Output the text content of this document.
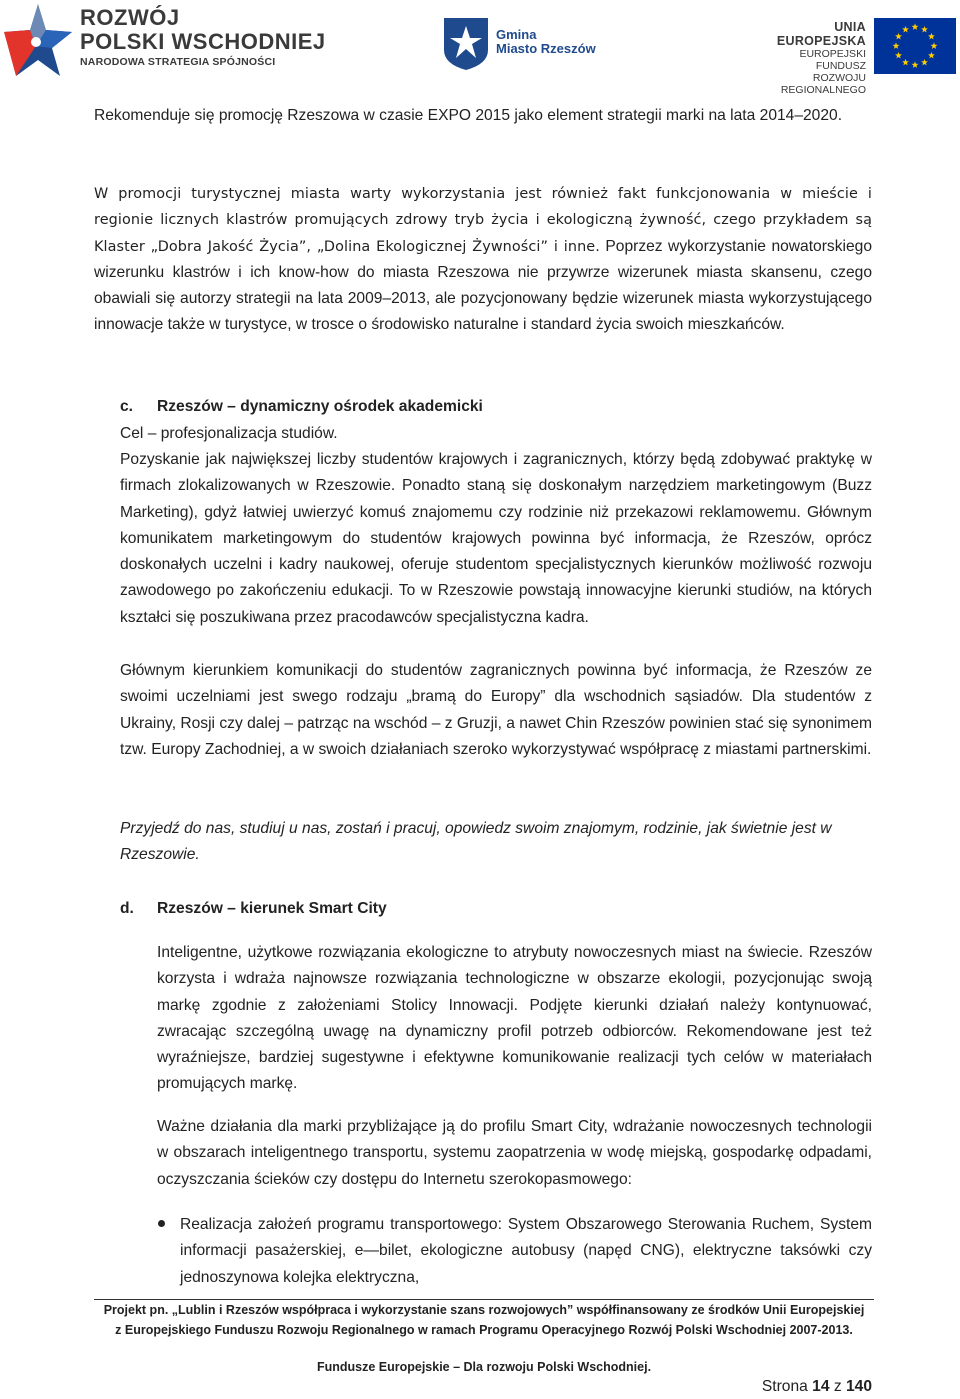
ROZWÓJ
POLSKI WSCHODNIEJ
NARODOWA STRATEGIA SPÓJNOŚCI
Gmina
Miasto Rzeszów
UNIA EUROPEJSKA
EUROPEJSKI FUNDUSZ
ROZWOJU REGIONALNEGO
Rekomenduje się promocję Rzeszowa w czasie EXPO 2015 jako element strategii marki na lata 2014–2020.
W promocji turystycznej miasta warty wykorzystania jest również fakt funkcjonowania w mieście i regionie licznych klastrów promujących zdrowy tryb życia i ekologiczną żywność, czego przykładem są Klaster „Dobra Jakość Życia”, „Dolina Ekologicznej Żywności” i inne. Poprzez wykorzystanie nowatorskiego wizerunku klastrów i ich know-how do miasta Rzeszowa nie przywrze wizerunek miasta skansenu, czego obawiali się autorzy strategii na lata 2009–2013, ale pozycjonowany będzie wizerunek miasta wykorzystującego innowacje także w turystyce, w trosce o środowisko naturalne i standard życia swoich mieszkańców.
c. Rzeszów – dynamiczny ośrodek akademicki
Cel – profesjonalizacja studiów.
Pozyskanie jak największej liczby studentów krajowych i zagranicznych, którzy będą zdobywać praktykę w firmach zlokalizowanych w Rzeszowie. Ponadto staną się doskonałym narzędziem marketingowym (Buzz Marketing), gdyż łatwiej uwierzyć komuś znajomemu czy rodzinie niż przekazowi reklamowemu. Głównym komunikatem marketingowym do studentów krajowych powinna być informacja, że Rzeszów, oprócz doskonałych uczelni i kadry naukowej, oferuje studentom specjalistycznych kierunków możliwość rozwoju zawodowego po zakończeniu edukacji. To w Rzeszowie powstają innowacyjne kierunki studiów, na których kształci się poszukiwana przez pracodawców specjalistyczna kadra.
Głównym kierunkiem komunikacji do studentów zagranicznych powinna być informacja, że Rzeszów ze swoimi uczelniami jest swego rodzaju „bramą do Europy” dla wschodnich sąsiadów. Dla studentów z Ukrainy, Rosji czy dalej – patrząc na wschód – z Gruzji, a nawet Chin Rzeszów powinien stać się synonimem tzw. Europy Zachodniej, a w swoich działaniach szeroko wykorzystywać współpracę z miastami partnerskimi.
Przyjedź do nas, studiuj u nas, zostań i pracuj, opowiedz swoim znajomym, rodzinie, jak świetnie jest w Rzeszowie.
d. Rzeszów – kierunek Smart City
Inteligentne, użytkowe rozwiązania ekologiczne to atrybuty nowoczesnych miast na świecie. Rzeszów korzysta i wdraża najnowsze rozwiązania technologiczne w obszarze ekologii, pozycjonując swoją markę zgodnie z założeniami Stolicy Innowacji. Podjęte kierunki działań należy kontynuować, zwracając szczególną uwagę na dynamiczny profil potrzeb odbiorców. Rekomendowane jest też wyraźniejsze, bardziej sugestywne i efektywne komunikowanie realizacji tych celów w materiałach promujących markę.
Ważne działania dla marki przybliżające ją do profilu Smart City, wdrażanie nowoczesnych technologii w obszarach inteligentnego transportu, systemu zaopatrzenia w wodę miejską, gospodarkę odpadami, oczyszczania ścieków czy dostępu do Internetu szerokopasmowego:
Realizacja założeń programu transportowego: System Obszarowego Sterowania Ruchem, System informacji pasażerskiej, e—bilet, ekologiczne autobusy (napęd CNG), elektryczne taksówki czy jednoszynowa kolejka elektryczna,
Projekt pn. „Lublin i Rzeszów współpraca i wykorzystanie szans rozwojowych” współfinansowany ze środków Unii Europejskiej
z Europejskiego Funduszu Rozwoju Regionalnego w ramach Programu Operacyjnego Rozwój Polski Wschodniej 2007-2013.
Fundusze Europejskie – Dla rozwoju Polski Wschodniej.
Strona 14 z 140
